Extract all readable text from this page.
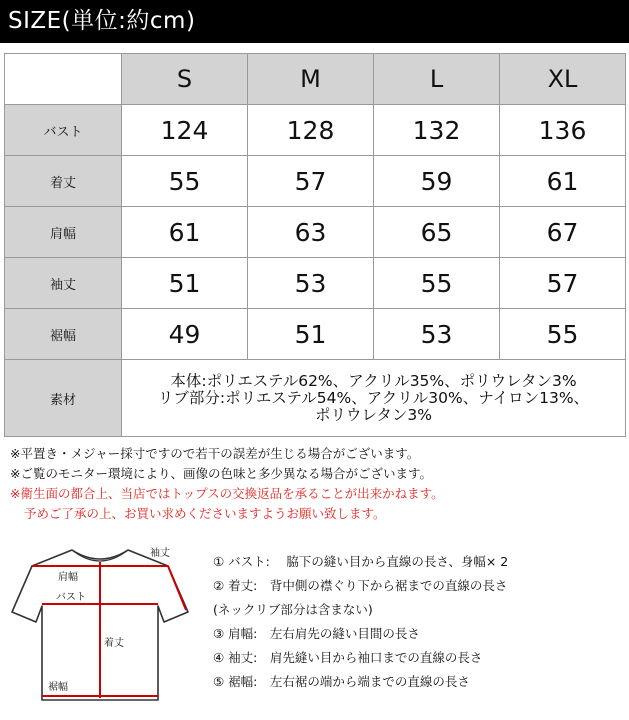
SIZE(単位:約cm)
	S	M	L	XL
バスト	124	128	132	136
着丈	55	57	59	61
肩幅	61	63	65	67
袖丈	51	53	55	57
裾幅	49	51	53	55
素材	本体:ポリエステル62%、アクリル35%、ポリウレタン3%
リブ部分:ポリエステル54%、アクリル30%、ナイロン13%、
ポリウレタン3%			
※平置き・メジャー採寸ですので若干の誤差が生じる場合がございます。
※ご覧のモニター環境により、画像の色味と多少異なる場合がございます。
※衛生面の都合上、当店ではトップスの交換返品を承ることが出来かねます。
予めご了承の上、お買い求めくださいますようお願い致します。
袖丈
肩幅
バスト
着丈
裾幅
① バスト:　 脇下の縫い目から直線の長さ、身幅× 2
② 着丈:　背中側の襟ぐり下から裾までの直線の長さ
(ネックリブ部分は含まない)
③ 肩幅:　左右肩先の縫い目間の長さ
④ 袖丈:　肩先縫い目から袖口までの直線の長さ
⑤ 裾幅:　左右裾の端から端までの直線の長さ
